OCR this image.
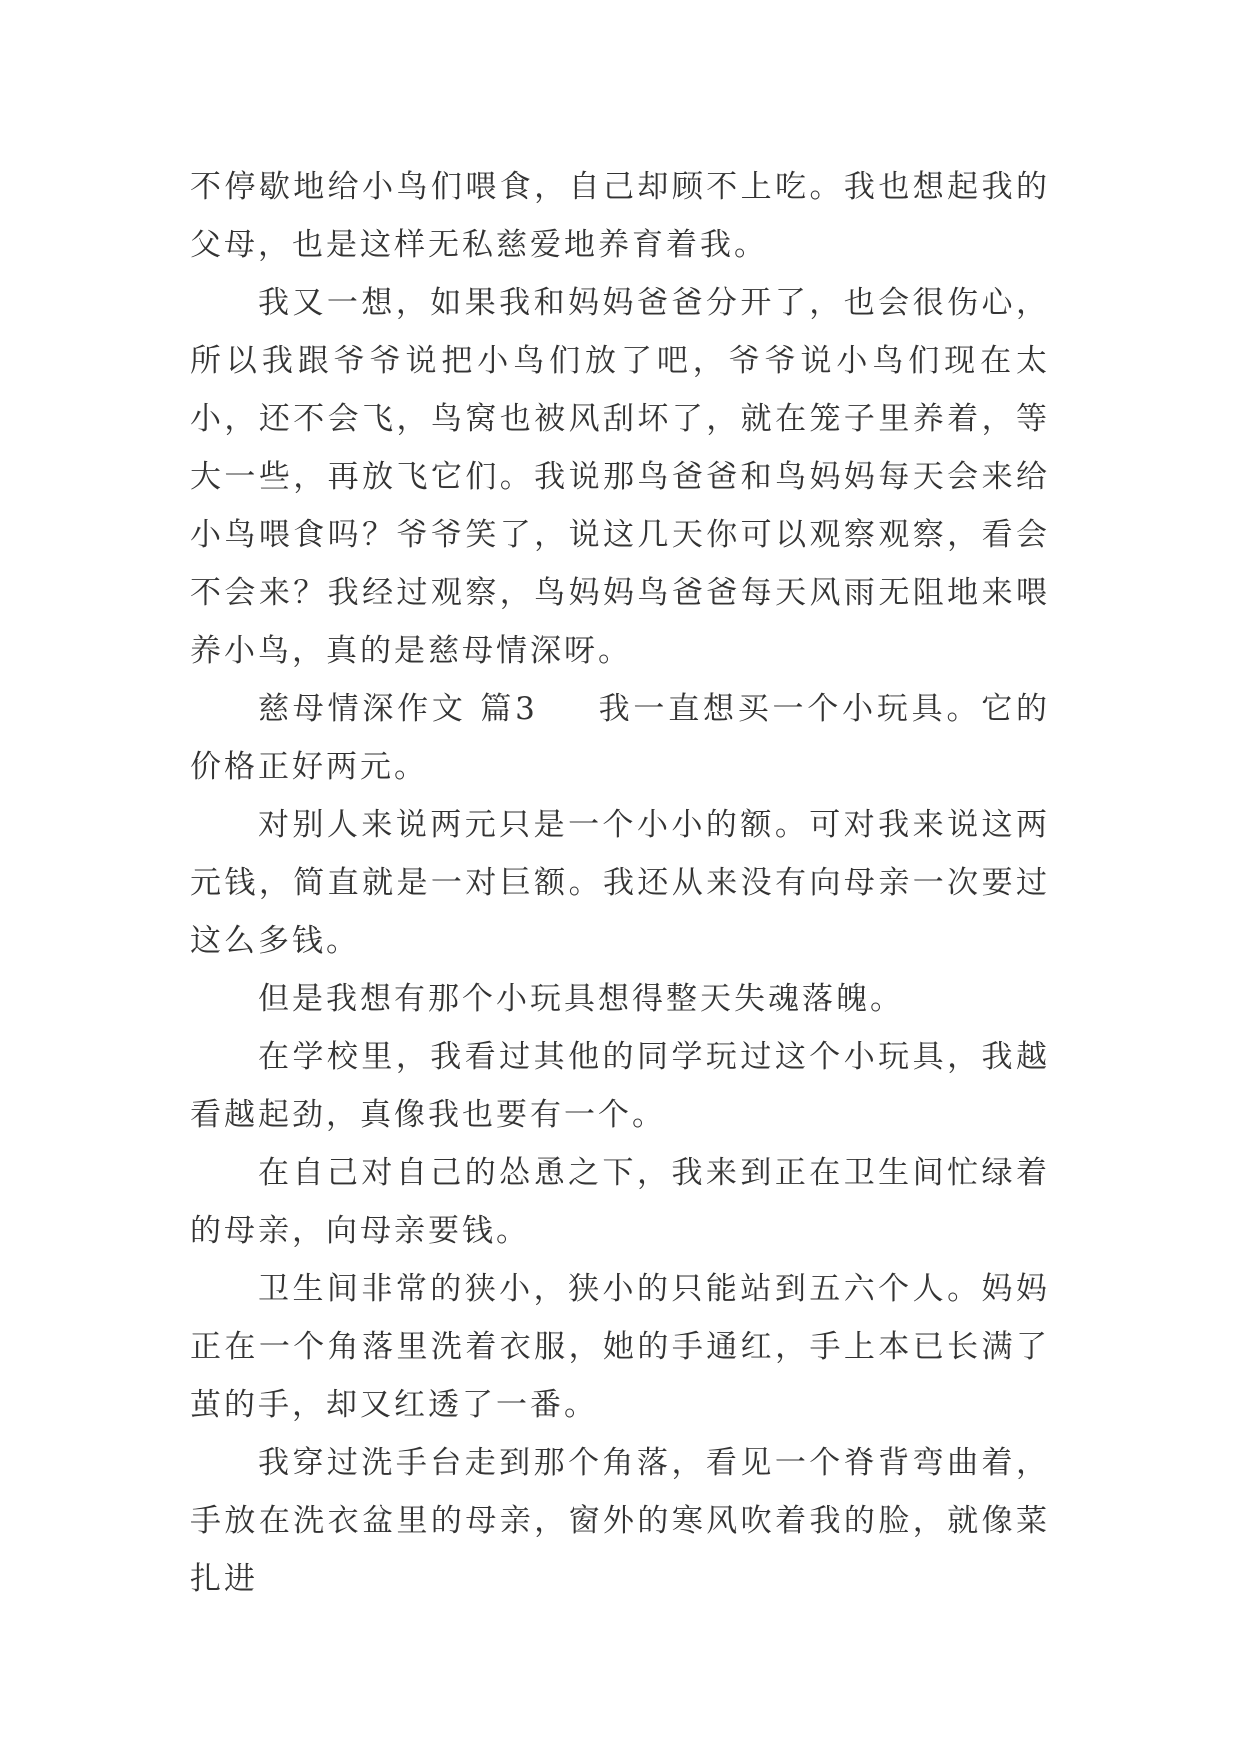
不停歇地给小鸟们喂食，自己却顾不上吃。我也想起我的父母，也是这样无私慈爱地养育着我。

我又一想，如果我和妈妈爸爸分开了，也会很伤心，所以我跟爷爷说把小鸟们放了吧，爷爷说小鸟们现在太小，还不会飞，鸟窝也被风刮坏了，就在笼子里养着，等大一些，再放飞它们。我说那鸟爸爸和鸟妈妈每天会来给小鸟喂食吗？爷爷笑了，说这几天你可以观察观察，看会不会来？我经过观察，鸟妈妈鸟爸爸每天风雨无阻地来喂养小鸟，真的是慈母情深呀。

慈母情深作文 篇3 我一直想买一个小玩具。它的价格正好两元。

对别人来说两元只是一个小小的额。可对我来说这两元钱，简直就是一对巨额。我还从来没有向母亲一次要过这么多钱。

但是我想有那个小玩具想得整天失魂落魄。

在学校里，我看过其他的同学玩过这个小玩具，我越看越起劲，真像我也要有一个。

在自己对自己的怂恿之下，我来到正在卫生间忙绿着的母亲，向母亲要钱。

卫生间非常的狭小，狭小的只能站到五六个人。妈妈正在一个角落里洗着衣服，她的手通红，手上本已长满了茧的手，却又红透了一番。

我穿过洗手台走到那个角落，看见一个脊背弯曲着，手放在洗衣盆里的母亲，窗外的寒风吹着我的脸，就像菜扎进
